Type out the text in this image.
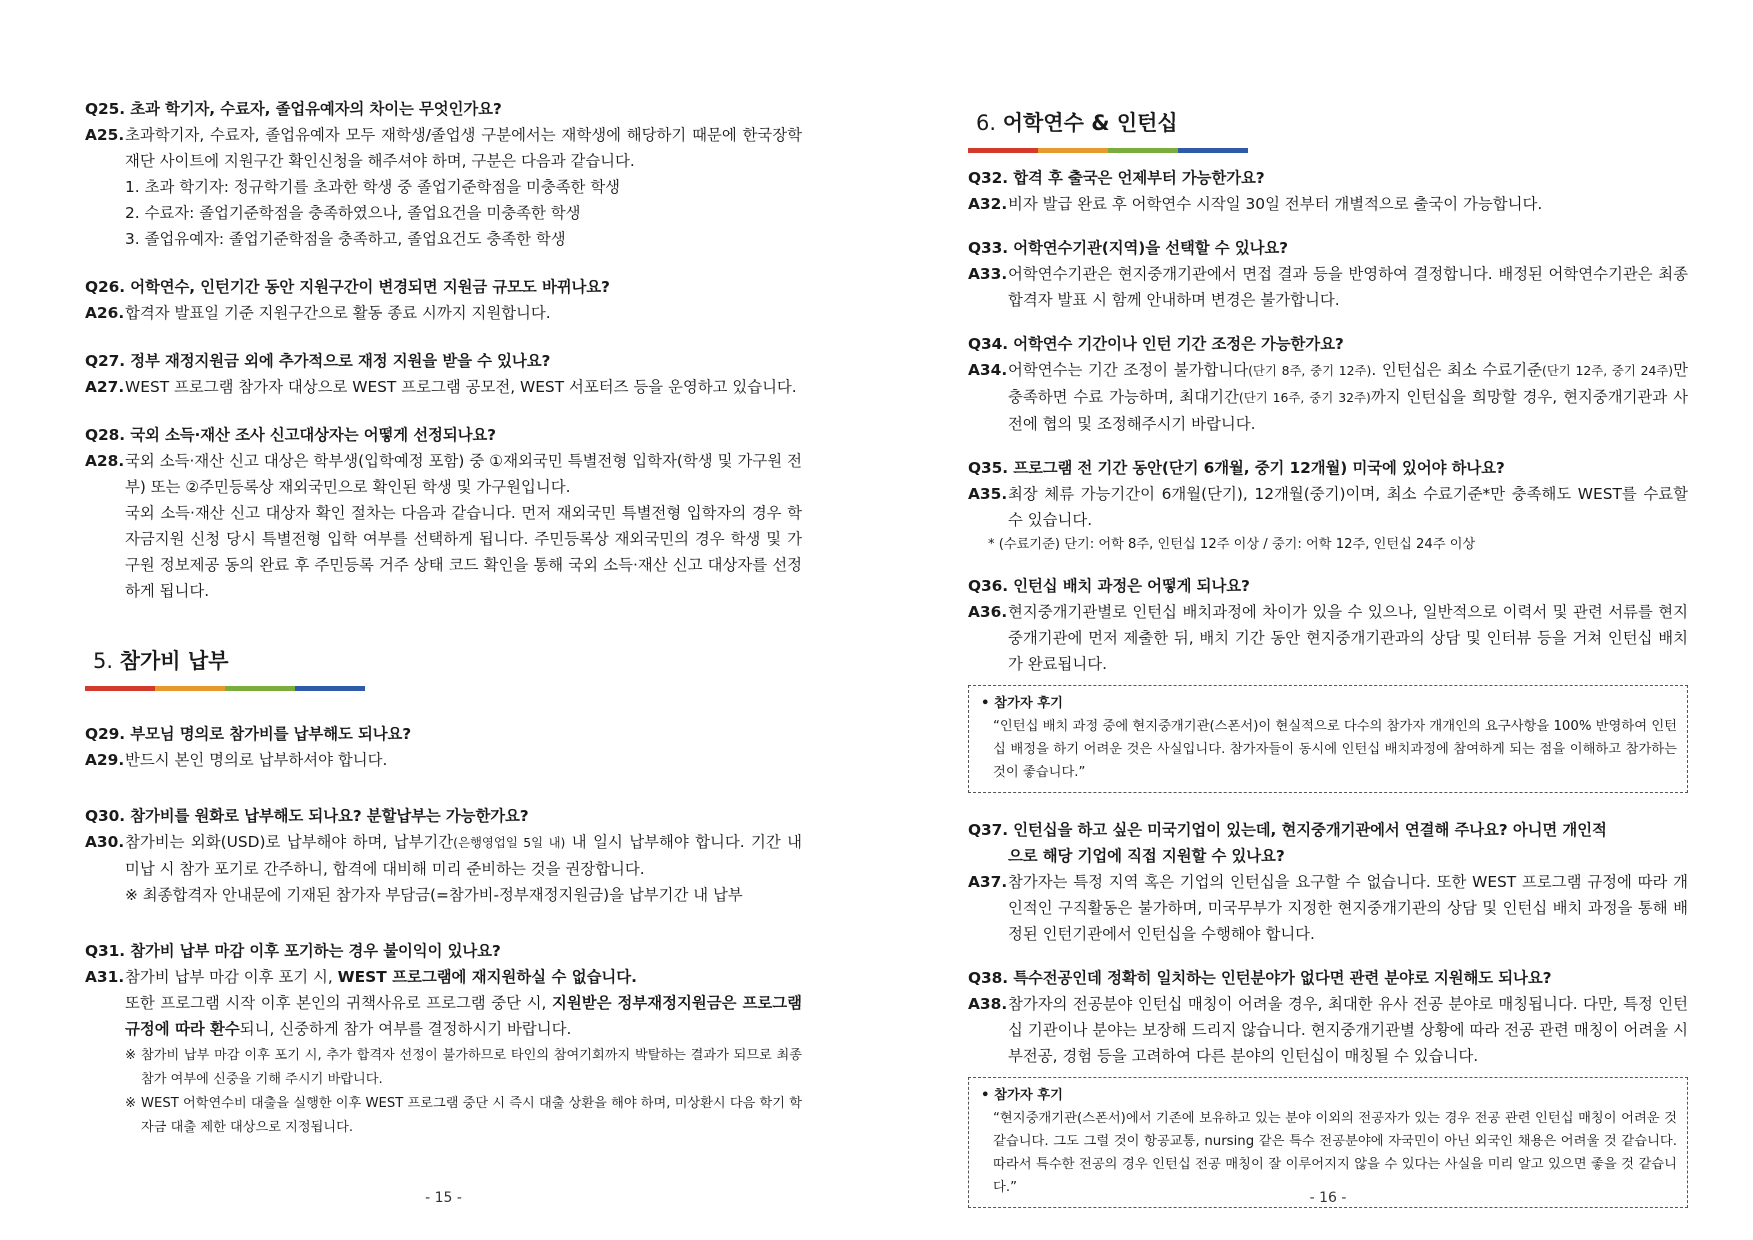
Q25. 초과 학기자, 수료자, 졸업유예자의 차이는 무엇인가요?
A25. 초과학기자, 수료자, 졸업유예자 모두 재학생/졸업생 구분에서는 재학생에 해당하기 때문에 한국장학재단 사이트에 지원구간 확인신청을 해주셔야 하며, 구분은 다음과 같습니다.

1. 초과 학기자: 정규학기를 초과한 학생 중 졸업기준학점을 미충족한 학생

2. 수료자: 졸업기준학점을 충족하였으나, 졸업요건을 미충족한 학생

3. 졸업유예자: 졸업기준학점을 충족하고, 졸업요건도 충족한 학생

Q26. 어학연수, 인턴기간 동안 지원구간이 변경되면 지원금 규모도 바뀌나요?
A26. 합격자 발표일 기준 지원구간으로 활동 종료 시까지 지원합니다.

Q27. 정부 재정지원금 외에 추가적으로 재정 지원을 받을 수 있나요?
A27. WEST 프로그램 참가자 대상으로 WEST 프로그램 공모전, WEST 서포터즈 등을 운영하고 있습니다.

Q28. 국외 소득·재산 조사 신고대상자는 어떻게 선정되나요?
A28. 국외 소득·재산 신고 대상은 학부생(입학예정 포함) 중 ①재외국민 특별전형 입학자(학생 및 가구원 전부) 또는 ②주민등록상 재외국민으로 확인된 학생 및 가구원입니다.

국외 소득·재산 신고 대상자 확인 절차는 다음과 같습니다. 먼저 재외국민 특별전형 입학자의 경우 학자금지원 신청 당시 특별전형 입학 여부를 선택하게 됩니다. 주민등록상 재외국민의 경우 학생 및 가구원 정보제공 동의 완료 후 주민등록 거주 상태 코드 확인을 통해 국외 소득·재산 신고 대상자를 선정하게 됩니다.

5. 참가비 납부
Q29. 부모님 명의로 참가비를 납부해도 되나요?
A29. 반드시 본인 명의로 납부하셔야 합니다.

Q30. 참가비를 원화로 납부해도 되나요? 분할납부는 가능한가요?
A30. 참가비는 외화(USD)로 납부해야 하며, 납부기간(은행영업일 5일 내) 내 일시 납부해야 합니다. 기간 내 미납 시 참가 포기로 간주하니, 합격에 대비해 미리 준비하는 것을 권장합니다.

※ 최종합격자 안내문에 기재된 참가자 부담금(=참가비-정부재정지원금)을 납부기간 내 납부

Q31. 참가비 납부 마감 이후 포기하는 경우 불이익이 있나요?
A31. 참가비 납부 마감 이후 포기 시, WEST 프로그램에 재지원하실 수 없습니다.

또한 프로그램 시작 이후 본인의 귀책사유로 프로그램 중단 시, 지원받은 정부재정지원금은 프로그램 규정에 따라 환수되니, 신중하게 참가 여부를 결정하시기 바랍니다.

※ 참가비 납부 마감 이후 포기 시, 추가 합격자 선정이 불가하므로 타인의 참여기회까지 박탈하는 결과가 되므로 최종 참가 여부에 신중을 기해 주시기 바랍니다.
※ WEST 어학연수비 대출을 실행한 이후 WEST 프로그램 중단 시 즉시 대출 상환을 해야 하며, 미상환시 다음 학기 학자금 대출 제한 대상으로 지정됩니다.
- 15 -
6. 어학연수 & 인턴십
Q32. 합격 후 출국은 언제부터 가능한가요?
A32. 비자 발급 완료 후 어학연수 시작일 30일 전부터 개별적으로 출국이 가능합니다.

Q33. 어학연수기관(지역)을 선택할 수 있나요?
A33. 어학연수기관은 현지중개기관에서 면접 결과 등을 반영하여 결정합니다. 배정된 어학연수기관은 최종합격자 발표 시 함께 안내하며 변경은 불가합니다.

Q34. 어학연수 기간이나 인턴 기간 조정은 가능한가요?
A34. 어학연수는 기간 조정이 불가합니다(단기 8주, 중기 12주). 인턴십은 최소 수료기준(단기 12주, 중기 24주)만 충족하면 수료 가능하며, 최대기간(단기 16주, 중기 32주)까지 인턴십을 희망할 경우, 현지중개기관과 사전에 협의 및 조정해주시기 바랍니다.

Q35. 프로그램 전 기간 동안(단기 6개월, 중기 12개월) 미국에 있어야 하나요?
A35. 최장 체류 가능기간이 6개월(단기), 12개월(중기)이며, 최소 수료기준*만 충족해도 WEST를 수료할 수 있습니다.

* (수료기준) 단기: 어학 8주, 인턴십 12주 이상 / 중기: 어학 12주, 인턴십 24주 이상
Q36. 인턴십 배치 과정은 어떻게 되나요?
A36. 현지중개기관별로 인턴십 배치과정에 차이가 있을 수 있으나, 일반적으로 이력서 및 관련 서류를 현지중개기관에 먼저 제출한 뒤, 배치 기간 동안 현지중개기관과의 상담 및 인터뷰 등을 거쳐 인턴십 배치가 완료됩니다.

• 참가자 후기
“인턴십 배치 과정 중에 현지중개기관(스폰서)이 현실적으로 다수의 참가자 개개인의 요구사항을 100% 반영하여 인턴십 배정을 하기 어려운 것은 사실입니다. 참가자들이 동시에 인턴십 배치과정에 참여하게 되는 점을 이해하고 참가하는 것이 좋습니다.”
Q37. 인턴십을 하고 싶은 미국기업이 있는데, 현지중개기관에서 연결해 주나요? 아니면 개인적
으로 해당 기업에 직접 지원할 수 있나요?
A37. 참가자는 특정 지역 혹은 기업의 인턴십을 요구할 수 없습니다. 또한 WEST 프로그램 규정에 따라 개인적인 구직활동은 불가하며, 미국무부가 지정한 현지중개기관의 상담 및 인턴십 배치 과정을 통해 배정된 인턴기관에서 인턴십을 수행해야 합니다.

Q38. 특수전공인데 정확히 일치하는 인턴분야가 없다면 관련 분야로 지원해도 되나요?
A38. 참가자의 전공분야 인턴십 매칭이 어려울 경우, 최대한 유사 전공 분야로 매칭됩니다. 다만, 특정 인턴십 기관이나 분야는 보장해 드리지 않습니다. 현지중개기관별 상황에 따라 전공 관련 매칭이 어려울 시 부전공, 경험 등을 고려하여 다른 분야의 인턴십이 매칭될 수 있습니다.

• 참가자 후기
“현지중개기관(스폰서)에서 기존에 보유하고 있는 분야 이외의 전공자가 있는 경우 전공 관련 인턴십 매칭이 어려운 것 같습니다. 그도 그럴 것이 항공교통, nursing 같은 특수 전공분야에 자국민이 아닌 외국인 채용은 어려울 것 같습니다. 따라서 특수한 전공의 경우 인턴십 전공 매칭이 잘 이루어지지 않을 수 있다는 사실을 미리 알고 있으면 좋을 것 같습니다.”
- 16 -
